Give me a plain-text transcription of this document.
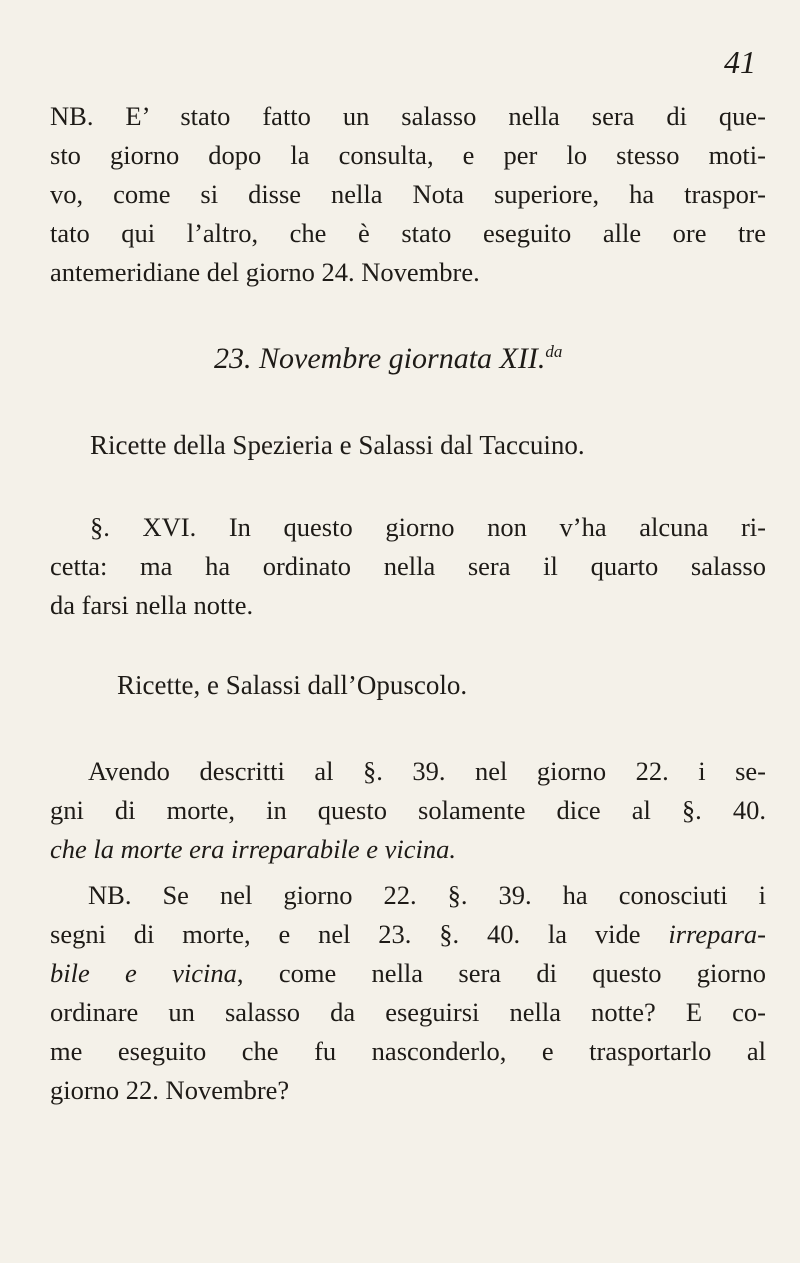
41
NB. E’ stato fatto un salasso nella sera di que-
sto giorno dopo la consulta, e per lo stesso moti-
vo, come si disse nella Nota superiore, ha traspor-
tato qui l’altro, che è stato eseguito alle ore tre
antemeridiane del giorno 24. Novembre.
23. Novembre giornata XII.$^{da}$
Ricette della Spezieria e Salassi dal Taccuino.
§. XVI. In questo giorno non v’ha alcuna ri-
cetta: ma ha ordinato nella sera il quarto salasso
da farsi nella notte.
Ricette, e Salassi dall’Opuscolo.
Avendo descritti al §. 39. nel giorno 22. i se-
gni di morte, in questo solamente dice al §. 40.
che la morte era irreparabile e vicina.
NB. Se nel giorno 22. §. 39. ha conosciuti i
segni di morte, e nel 23. §. 40. la vide irrepara-
bile e vicina, come nella sera di questo giorno
ordinare un salasso da eseguirsi nella notte? E co-
me eseguito che fu nasconderlo, e trasportarlo al
giorno 22. Novembre?
